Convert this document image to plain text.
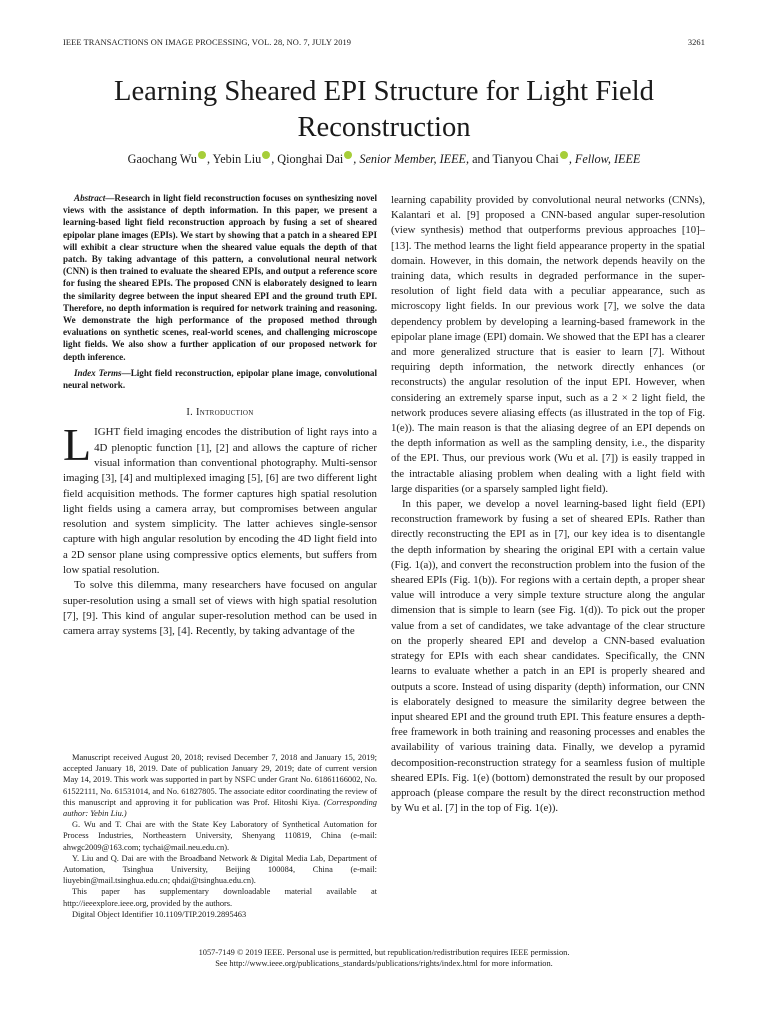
IEEE TRANSACTIONS ON IMAGE PROCESSING, VOL. 28, NO. 7, JULY 2019	3261
Learning Sheared EPI Structure for Light Field Reconstruction
Gaochang Wu , Yebin Liu , Qionghai Dai , Senior Member, IEEE, and Tianyou Chai , Fellow, IEEE

Abstract—Research in light field reconstruction focuses on synthesizing novel views with the assistance of depth information. In this paper, we present a learning-based light field reconstruction approach by fusing a set of sheared epipolar plane images (EPIs). We start by showing that a patch in a sheared EPI will exhibit a clear structure when the sheared value equals the depth of that patch. By taking advantage of this pattern, a convolutional neural network (CNN) is then trained to evaluate the sheared EPIs, and output a reference score for fusing the sheared EPIs. The proposed CNN is elaborately designed to learn the similarity degree between the input sheared EPI and the ground truth EPI. Therefore, no depth information is required for network training and reasoning. We demonstrate the high performance of the proposed method through evaluations on synthetic scenes, real-world scenes, and challenging microscope light fields. We also show a further application of our proposed network for depth inference.

Index Terms—Light field reconstruction, epipolar plane image, convolutional neural network.

I. Introduction

LIGHT field imaging encodes the distribution of light rays into a 4D plenoptic function [1], [2] and allows the capture of richer visual information than conventional photography. Multi-sensor imaging [3], [4] and multiplexed imaging [5], [6] are two different light field acquisition methods. The former captures high spatial resolution light fields using a camera array, but compromises between angular resolution and system simplicity. The latter achieves single-sensor capture with high angular resolution by encoding the 4D light field into a 2D sensor plane using compressive optics elements, but suffers from low spatial resolution.

To solve this dilemma, many researchers have focused on angular super-resolution using a small set of views with high spatial resolution [7], [9]. This kind of angular super-resolution method can be used in camera array systems [3], [4]. Recently, by taking advantage of the

Manuscript received August 20, 2018; revised December 7, 2018 and January 15, 2019; accepted January 18, 2019. Date of publication January 29, 2019; date of current version May 14, 2019. This work was supported in part by NSFC under Grant No. 61861166002, No. 61522111, No. 61531014, and No. 61827805. The associate editor coordinating the review of this manuscript and approving it for publication was Prof. Hitoshi Kiya. (Corresponding author: Yebin Liu.)

G. Wu and T. Chai are with the State Key Laboratory of Synthetical Automation for Process Industries, Northeastern University, Shenyang 110819, China (e-mail: ahwgc2009@163.com; tychai@mail.neu.edu.cn).

Y. Liu and Q. Dai are with the Broadband Network & Digital Media Lab, Department of Automation, Tsinghua University, Beijing 100084, China (e-mail: liuyebin@mail.tsinghua.edu.cn; qhdai@tsinghua.edu.cn).

This paper has supplementary downloadable material available at http://ieeexplore.ieee.org, provided by the authors.

Digital Object Identifier 10.1109/TIP.2019.2895463

learning capability provided by convolutional neural networks (CNNs), Kalantari et al. [9] proposed a CNN-based angular super-resolution (view synthesis) method that outperforms previous approaches [10]–[13]. The method learns the light field appearance property in the spatial domain. However, in this domain, the network depends heavily on the training data, which results in degraded performance in the super-resolution of light field data with a peculiar appearance, such as microscopy light fields. In our previous work [7], we solve the data dependency problem by developing a learning-based framework in the epipolar plane image (EPI) domain. We showed that the EPI has a clearer and more generalized structure that is easier to learn [7]. Without requiring depth information, the network directly enhances (or reconstructs) the angular resolution of the input EPI. However, when considering an extremely sparse input, such as a 2 × 2 light field, the network produces severe aliasing effects (as illustrated in the top of Fig. 1(e)). The main reason is that the aliasing degree of an EPI depends on the depth information as well as the sampling density, i.e., the disparity of the EPI. Thus, our previous work (Wu et al. [7]) is easily trapped in the intractable aliasing problem when dealing with a light field with large disparities (or a sparsely sampled light field).

In this paper, we develop a novel learning-based light field (EPI) reconstruction framework by fusing a set of sheared EPIs. Rather than directly reconstructing the EPI as in [7], our key idea is to disentangle the depth information by shearing the original EPI with a certain value (Fig. 1(a)), and convert the reconstruction problem into the fusion of the sheared EPIs (Fig. 1(b)). For regions with a certain depth, a proper shear value will introduce a very simple texture structure along the angular dimension that is simple to learn (see Fig. 1(d)). To pick out the proper value from a set of candidates, we take advantage of the clear structure on the properly sheared EPI and develop a CNN-based evaluation strategy for EPIs with each shear candidates. Specifically, the CNN learns to evaluate whether a patch in an EPI is properly sheared and outputs a score. Instead of using disparity (depth) information, our CNN is elaborately designed to measure the similarity degree between the input sheared EPI and the ground truth EPI. This feature ensures a depth-free framework in both training and reasoning processes and enables the availability of various training data. Finally, we develop a pyramid decomposition-reconstruction strategy for a seamless fusion of multiple sheared EPIs. Fig. 1(e) (bottom) demonstrated the result by our proposed approach (please compare the result by the direct reconstruction method by Wu et al. [7] in the top of Fig. 1(e)).

1057-7149 © 2019 IEEE. Personal use is permitted, but republication/redistribution requires IEEE permission.
See http://www.ieee.org/publications_standards/publications/rights/index.html for more information.
